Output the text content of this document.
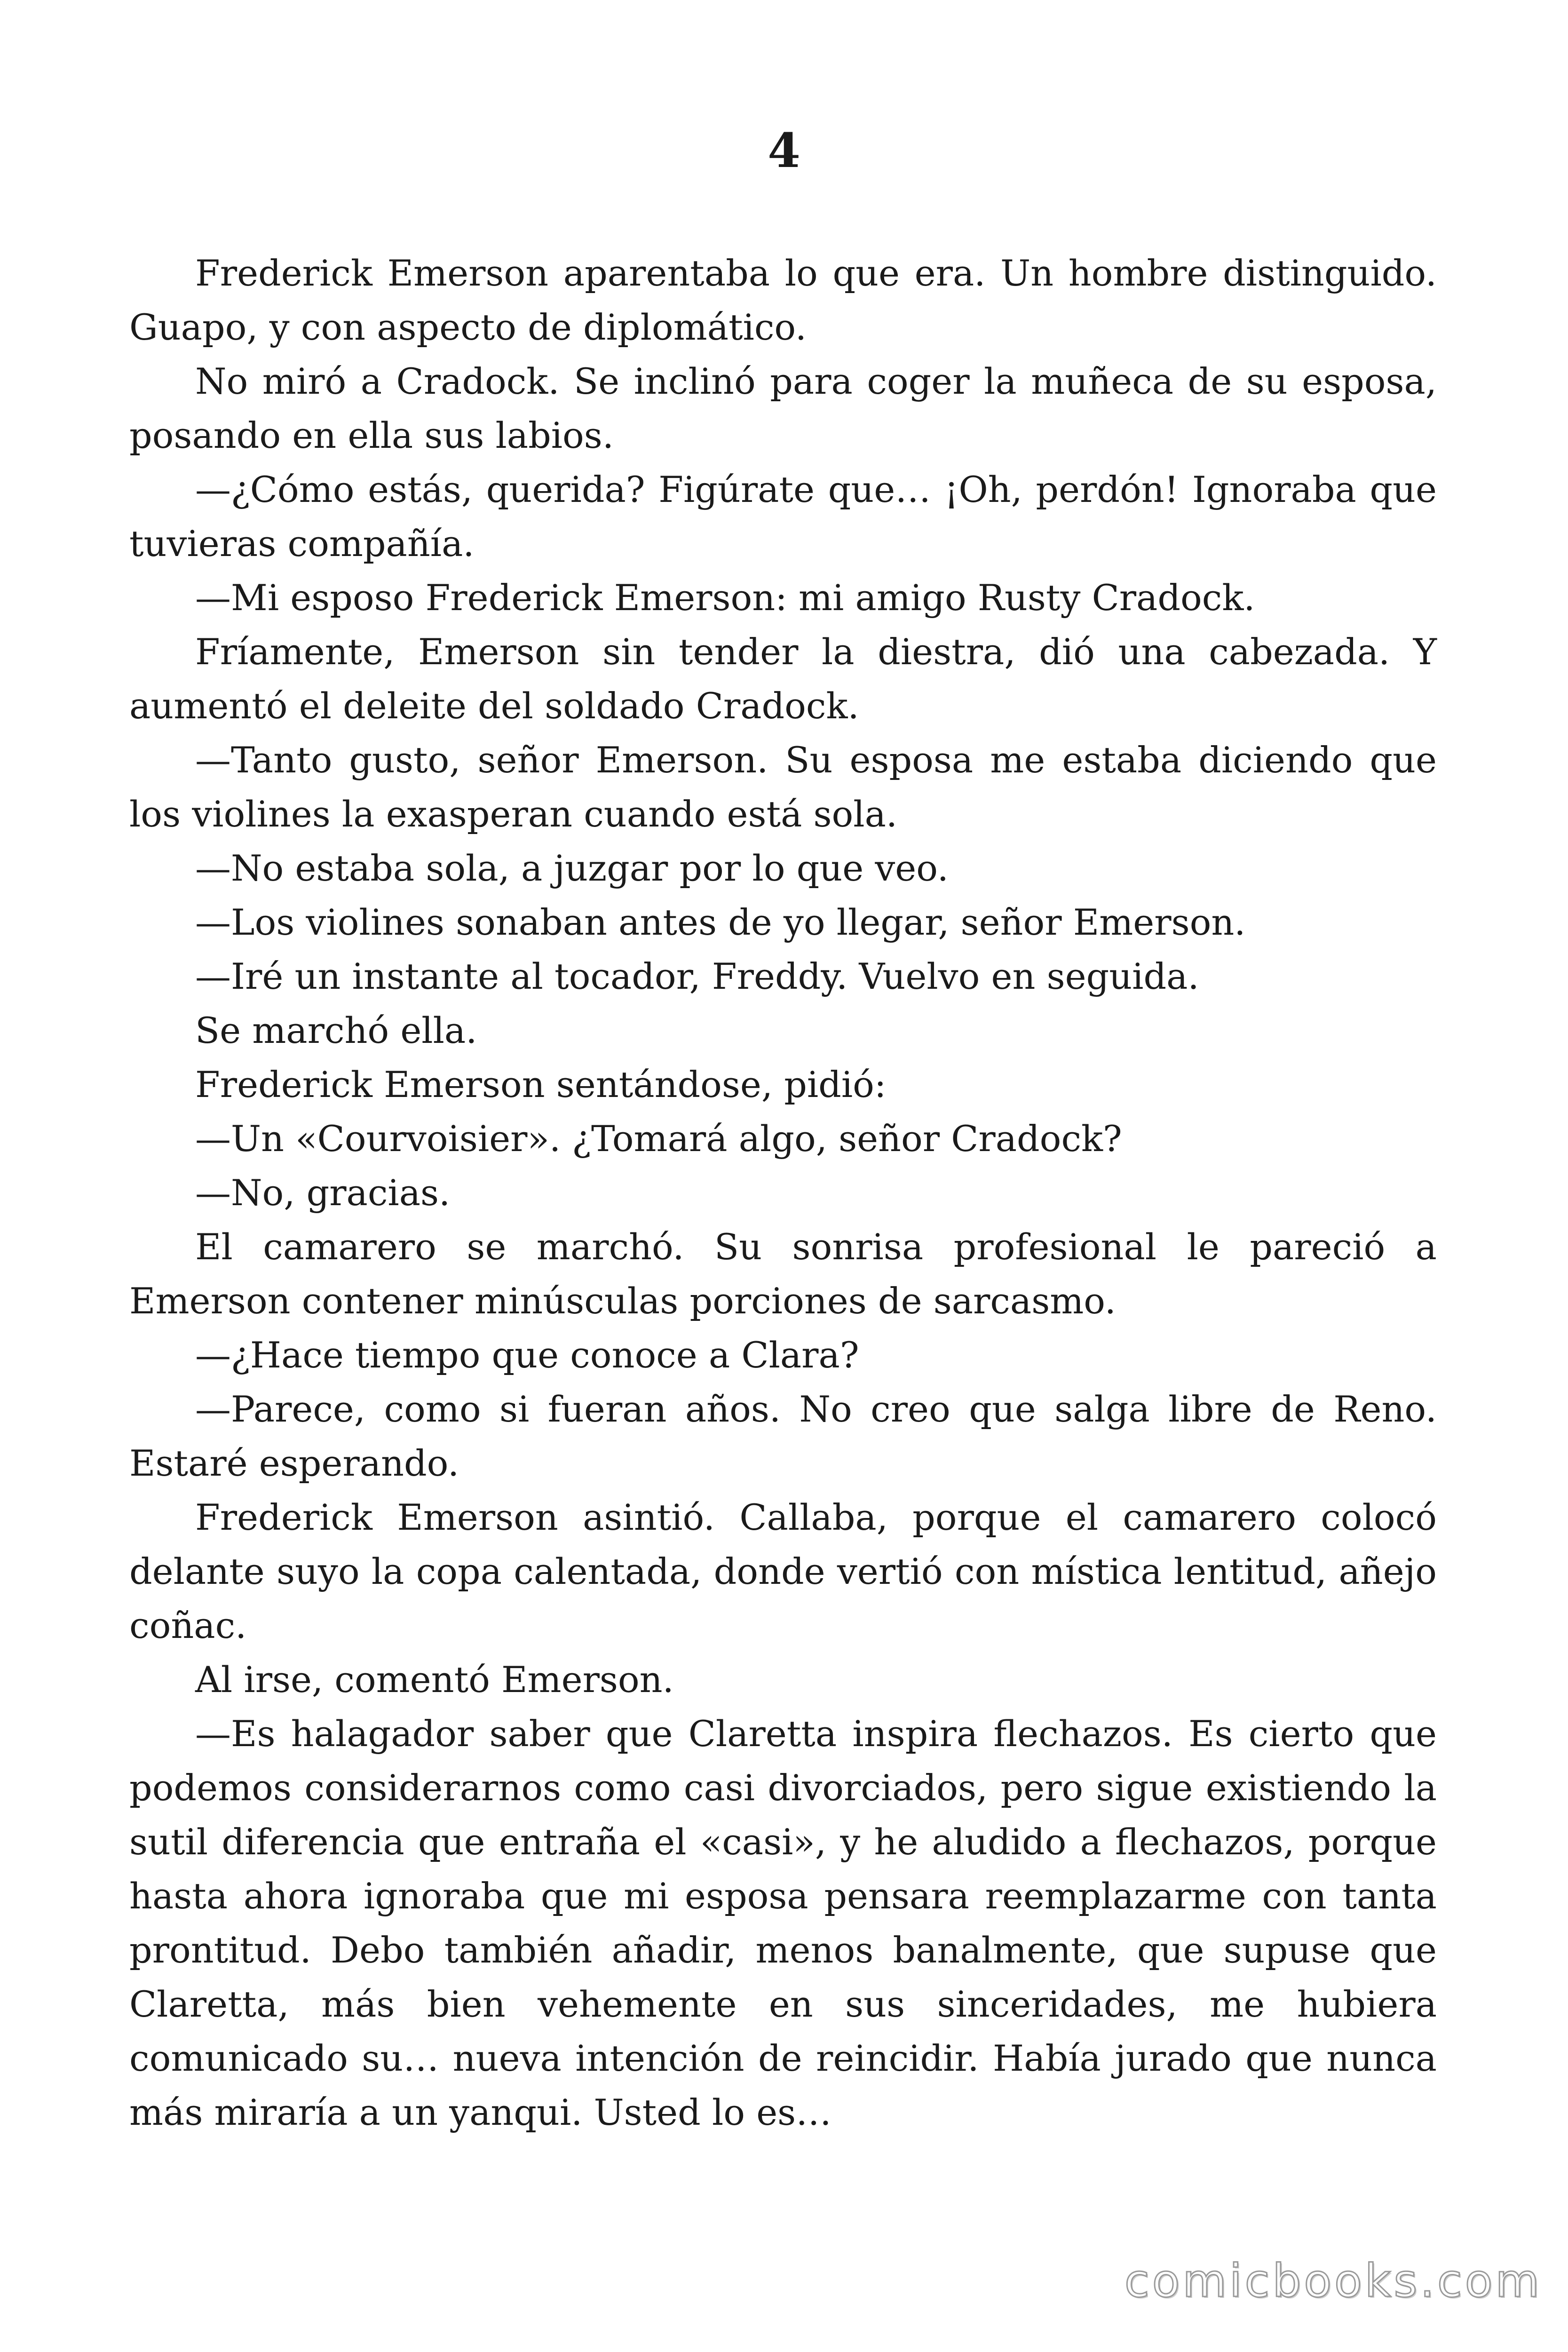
4

Frederick Emerson aparentaba lo que era. Un hombre distinguido. Guapo, y con aspecto de diplomático.

No miró a Cradock. Se inclinó para coger la muñeca de su esposa, posando en ella sus labios.

—¿Cómo estás, querida? Figúrate que… ¡Oh, perdón! Ignoraba que tuvieras compañía.

—Mi esposo Frederick Emerson: mi amigo Rusty Cradock.

Fríamente, Emerson sin tender la diestra, dió una cabezada. Y aumentó el deleite del soldado Cradock.

—Tanto gusto, señor Emerson. Su esposa me estaba diciendo que los violines la exasperan cuando está sola.

—No estaba sola, a juzgar por lo que veo.

—Los violines sonaban antes de yo llegar, señor Emerson.

—Iré un instante al tocador, Freddy. Vuelvo en seguida.

Se marchó ella.

Frederick Emerson sentándose, pidió:

—Un «Courvoisier». ¿Tomará algo, señor Cradock?

—No, gracias.

El camarero se marchó. Su sonrisa profesional le pareció a Emerson contener minúsculas porciones de sarcasmo.

—¿Hace tiempo que conoce a Clara?

—Parece, como si fueran años. No creo que salga libre de Reno. Estaré esperando.

Frederick Emerson asintió. Callaba, porque el camarero colocó delante suyo la copa calentada, donde vertió con mística lentitud, añejo coñac.

Al irse, comentó Emerson.

—Es halagador saber que Claretta inspira flechazos. Es cierto que podemos considerarnos como casi divorciados, pero sigue existiendo la sutil diferencia que entraña el «casi», y he aludido a flechazos, porque hasta ahora ignoraba que mi esposa pensara reemplazarme con tanta prontitud. Debo también añadir, menos banalmente, que supuse que Claretta, más bien vehemente en sus sinceridades, me hubiera comunicado su… nueva intención de reincidir. Había jurado que nunca más miraría a un yanqui. Usted lo es…

comicbooks.com
